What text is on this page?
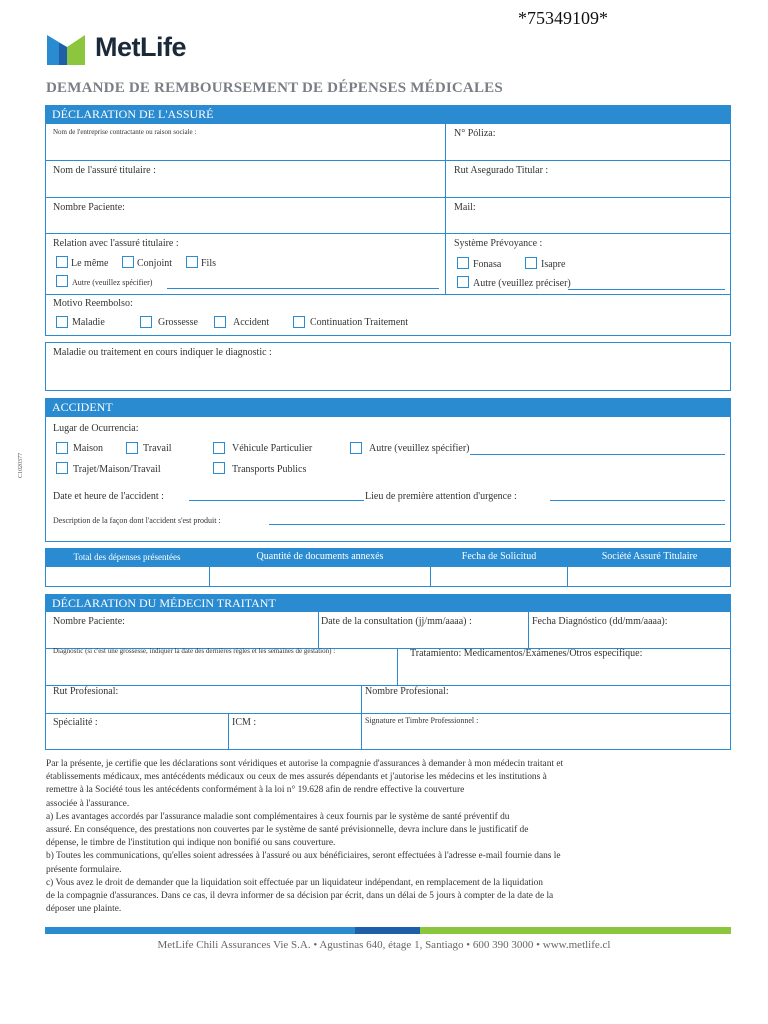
*75349109*
MetLife
DEMANDE DE REMBOURSEMENT DE DÉPENSES MÉDICALES
C1020377
DÉCLARATION DE L'ASSURÉ
Nom de l'entreprise contractante ou raison sociale :	N° Póliza:
Nom de l'assuré titulaire :	Rut Asegurado Titular :
Nombre Paciente:	Mail:
Relation avec l'assuré titulaire :
Le même	Conjoint	Fils
Autre (veuillez spécifier)
Système Prévoyance :
Fonasa	Isapre
Autre (veuillez préciser)
Motivo Reembolso:
Maladie	Grossesse	Accident	Continuation Traitement
Maladie ou traitement en cours indiquer le diagnostic :
ACCIDENT
Lugar de Ocurrencia:
Maison	Travail	Véhicule Particulier	Autre (veuillez spécifier)
Trajet/Maison/Travail	Transports Publics
Date et heure de l'accident :	Lieu de première attention d'urgence :
Description de la façon dont l'accident s'est produit :
Total des dépenses présentées	Quantité de documents annexés	Fecha de Solicitud	Société Assuré Titulaire
DÉCLARATION DU MÉDECIN TRAITANT
Nombre Paciente:	Date de la consultation (jj/mm/aaaa) :	Fecha Diagnóstico (dd/mm/aaaa):
Diagnostic (si c'est une grossesse, indiquer la date des dernières règles et les semaines de gestation) :	Tratamiento: Medicamentos/Exámenes/Otros especifique:
Rut Profesional:	Nombre Profesional:
Spécialité :	ICM :	Signature et Timbre Professionnel :
Par la présente, je certifie que les déclarations sont véridiques et autorise la compagnie d'assurances à demander à mon médecin traitant et
établissements médicaux, mes antécédents médicaux ou ceux de mes assurés dépendants et j'autorise les médecins et les institutions à
remettre à la Société tous les antécédents conformément à la loi n° 19.628 afin de rendre effective la couverture
associée à l'assurance.
a) Les avantages accordés par l'assurance maladie sont complémentaires à ceux fournis par le système de santé préventif du
assuré. En conséquence, des prestations non couvertes par le système de santé prévisionnelle, devra inclure dans le justificatif de
dépense, le timbre de l'institution qui indique non bonifié ou sans couverture.
b) Toutes les communications, qu'elles soient adressées à l'assuré ou aux bénéficiaires, seront effectuées à l'adresse e-mail fournie dans le
présente formulaire.
c) Vous avez le droit de demander que la liquidation soit effectuée par un liquidateur indépendant, en remplacement de la liquidation
de la compagnie d'assurances. Dans ce cas, il devra informer de sa décision par écrit, dans un délai de 5 jours à compter de la date de la
déposer une plainte.
MetLife Chili Assurances Vie S.A. • Agustinas 640, étage 1, Santiago • 600 390 3000 • www.metlife.cl
